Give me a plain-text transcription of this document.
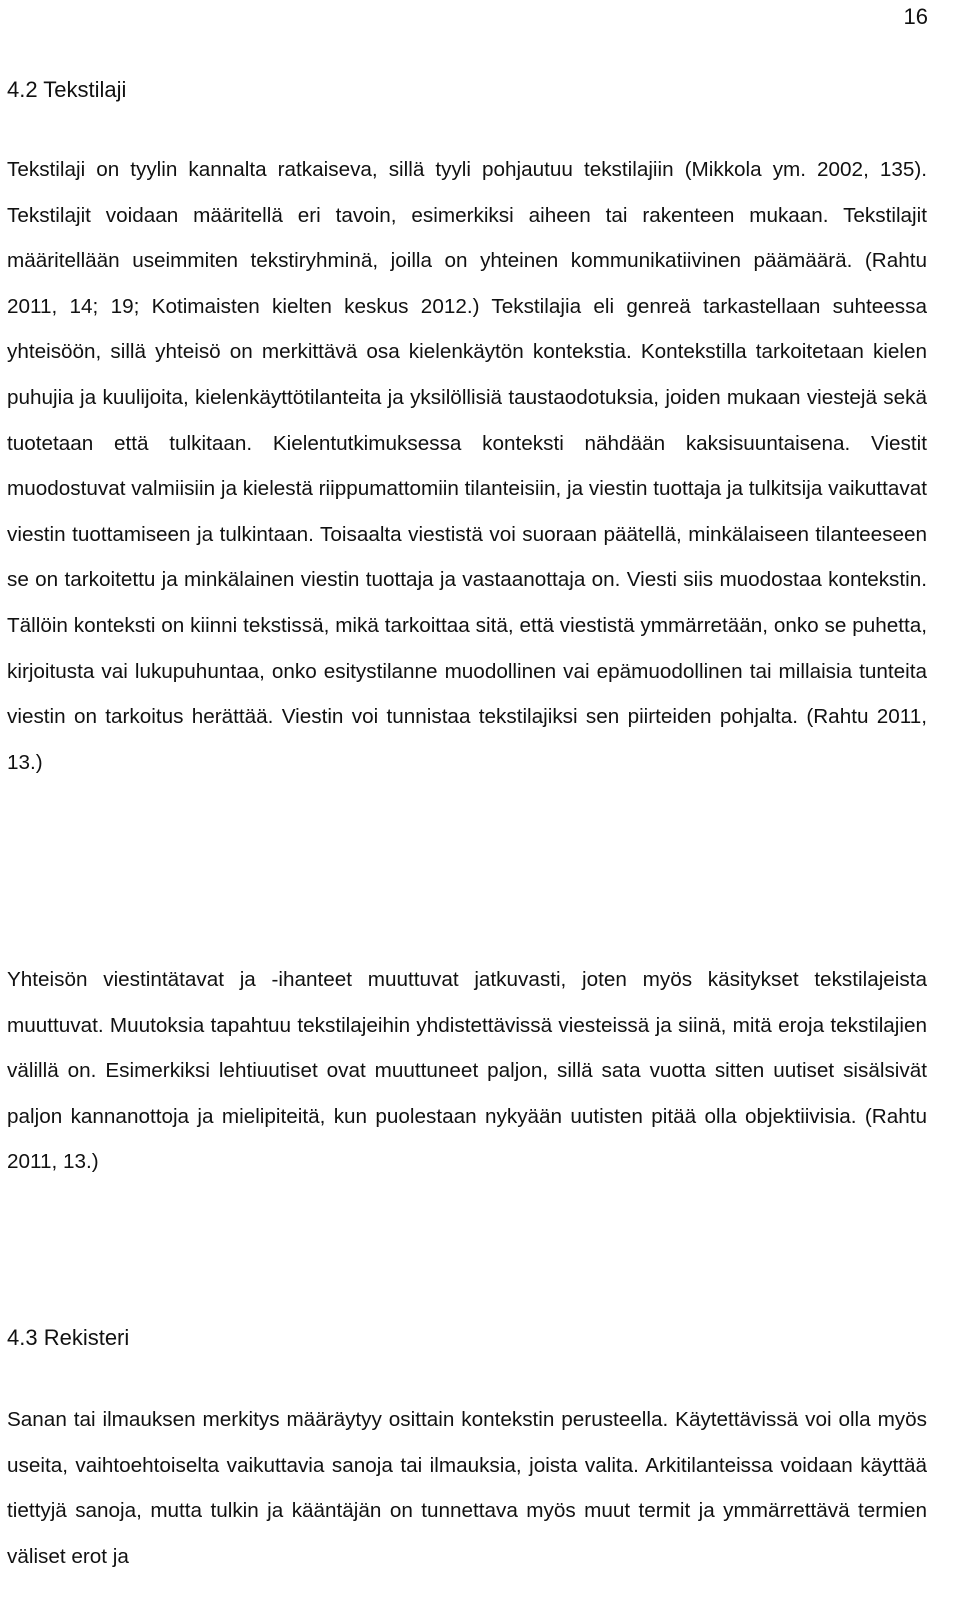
16
4.2 Tekstilaji

Tekstilaji on tyylin kannalta ratkaiseva, sillä tyyli pohjautuu tekstilajiin (Mikkola ym. 2002, 135). Tekstilajit voidaan määritellä eri tavoin, esimerkiksi aiheen tai rakenteen mukaan. Tekstilajit määritellään useimmiten tekstiryhminä, joilla on yhteinen kommunikatiivinen päämäärä. (Rahtu 2011, 14; 19; Kotimaisten kielten keskus 2012.) Tekstilajia eli genreä tarkastellaan suhteessa yhteisöön, sillä yhteisö on merkittävä osa kielenkäytön kontekstia. Kontekstilla tarkoitetaan kielen puhujia ja kuulijoita, kielenkäyttötilanteita ja yksilöllisiä taustaodotuksia, joiden mukaan viestejä sekä tuotetaan että tulkitaan. Kielentutkimuksessa konteksti nähdään kaksisuuntaisena. Viestit muodostuvat valmiisiin ja kielestä riippumattomiin tilanteisiin, ja viestin tuottaja ja tulkitsija vaikuttavat viestin tuottamiseen ja tulkintaan. Toisaalta viestistä voi suoraan päätellä, minkälaiseen tilanteeseen se on tarkoitettu ja minkälainen viestin tuottaja ja vastaanottaja on. Viesti siis muodostaa kontekstin. Tällöin konteksti on kiinni tekstissä, mikä tarkoittaa sitä, että viestistä ymmärretään, onko se puhetta, kirjoitusta vai lukupuhuntaa, onko esitystilanne muodollinen vai epämuodollinen tai millaisia tunteita viestin on tarkoitus herättää. Viestin voi tunnistaa tekstilajiksi sen piirteiden pohjalta. (Rahtu 2011, 13.)

Yhteisön viestintätavat ja -ihanteet muuttuvat jatkuvasti, joten myös käsitykset tekstilajeista muuttuvat. Muutoksia tapahtuu tekstilajeihin yhdistettävissä viesteissä ja siinä, mitä eroja tekstilajien välillä on. Esimerkiksi lehtiuutiset ovat muuttuneet paljon, sillä sata vuotta sitten uutiset sisälsivät paljon kannanottoja ja mielipiteitä, kun puolestaan nykyään uutisten pitää olla objektiivisia. (Rahtu 2011, 13.)

4.3 Rekisteri

Sanan tai ilmauksen merkitys määräytyy osittain kontekstin perusteella. Käytettävissä voi olla myös useita, vaihtoehtoiselta vaikuttavia sanoja tai ilmauksia, joista valita. Arkitilanteissa voidaan käyttää tiettyjä sanoja, mutta tulkin ja kääntäjän on tunnettava myös muut termit ja ymmärrettävä termien väliset erot ja
